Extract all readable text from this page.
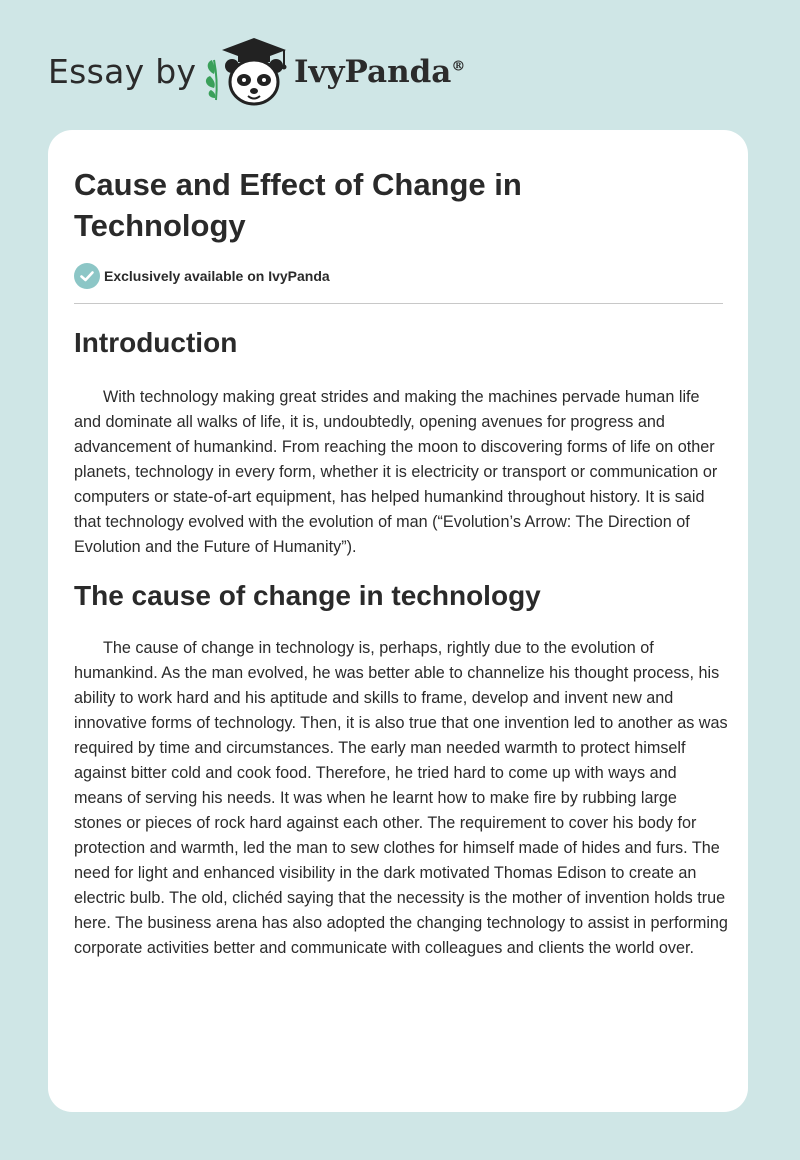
Essay by	IvyPanda®
Cause and Effect of Change in Technology
Exclusively available on IvyPanda
Introduction

With technology making great strides and making the machines pervade human life and dominate all walks of life, it is, undoubtedly, opening avenues for progress and advancement of humankind. From reaching the moon to discovering forms of life on other planets, technology in every form, whether it is electricity or transport or communication or computers or state-of-art equipment, has helped humankind throughout history. It is said that technology evolved with the evolution of man (“Evolution’s Arrow: The Direction of Evolution and the Future of Humanity”).

The cause of change in technology

The cause of change in technology is, perhaps, rightly due to the evolution of humankind. As the man evolved, he was better able to channelize his thought process, his ability to work hard and his aptitude and skills to frame, develop and invent new and innovative forms of technology. Then, it is also true that one invention led to another as was required by time and circumstances. The early man needed warmth to protect himself against bitter cold and cook food. Therefore, he tried hard to come up with ways and means of serving his needs. It was when he learnt how to make fire by rubbing large stones or pieces of rock hard against each other. The requirement to cover his body for protection and warmth, led the man to sew clothes for himself made of hides and furs. The need for light and enhanced visibility in the dark motivated Thomas Edison to create an electric bulb. The old, clichéd saying that the necessity is the mother of invention holds true here. The business arena has also adopted the changing technology to assist in performing corporate activities better and communicate with colleagues and clients the world over.
